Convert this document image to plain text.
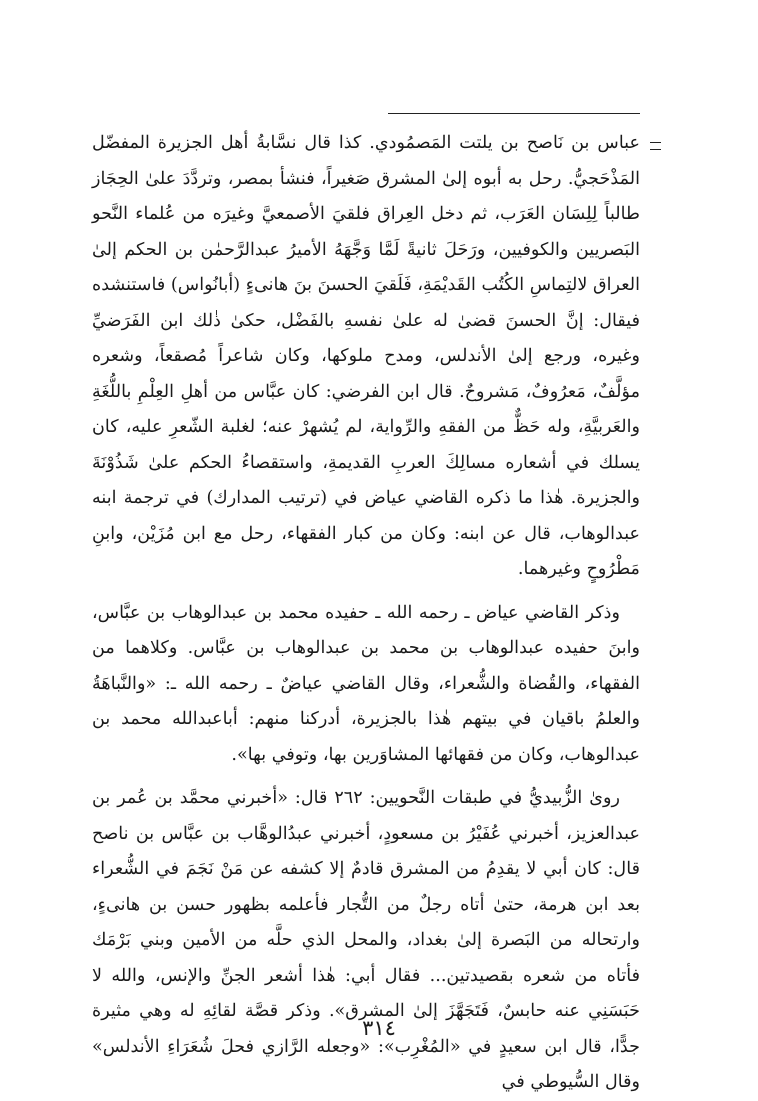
عباس بن نَاصح بن يلتت المَصمُودي. كذا قال نسَّابةُ أهل الجزيرة المفضّل المَذْحَجيُّ. رحل به أبوه إلىٰ المشرق صَغيراً، فنشأ بمصر، وتردَّدَ علىٰ الحِجَاز طالباً لِلِسَان العَرَب، ثم دخل العِراق فلقيَ الأصمعيَّ وغيرَه من عُلماء النَّحو البَصريين والكوفيين، ورَحَلَ ثانيةً لَمَّا وَجَّهَهُ الأميرُ عبدالرَّحمٰن بن الحكم إلىٰ العراق لالتِماسِ الكُتُب القَديْمَةِ، فَلَقيَ الحسنَ بنَ هانىءٍ (أبانُواس) فاستنشده فيقال: إنَّ الحسنَ قضىٰ له علىٰ نفسهِ بالفَضْل، حكىٰ ذٰلك ابن الفَرَضيِّ وغيره، ورجع إلىٰ الأندلس، ومدح ملوكها، وكان شاعراً مُصقعاً، وشعره مؤلَّفٌ، مَعرُوفٌ، مَشروحٌ. قال ابن الفرضي: كان عبَّاس من أهلِ العِلْمِ باللُّغَةِ والعَربيَّةِ، وله حَظٌّ من الفقهِ والرِّواية، لم يُشهرْ عنه؛ لغلبة الشّعرِ عليه، كان يسلك في أشعاره مسالِكَ العربِ القديمةِ، واستقصاءُ الحكم علىٰ شَذُوْنَةَ والجزيرة. هٰذا ما ذكره القاضي عياض في (ترتيب المدارك) في ترجمة ابنه عبدالوهاب، قال عن ابنه: وكان من كبار الفقهاء، رحل مع ابن مُزَيْن، وابنِ مَطْرُوحٍ وغيرهما.

وذكر القاضي عياض ـ رحمه الله ـ حفيده محمد بن عبدالوهاب بن عبَّاس، وابنَ حفيده عبدالوهاب بن محمد بن عبدالوهاب بن عبَّاس. وكلاهما من الفقهاء، والقُضاة والشُّعراء، وقال القاضي عياضٌ ـ رحمه الله ـ: «والنَّباهَةُ والعلمُ باقيان في بيتهم هٰذا بالجزيرة، أدركنا منهم: أباعبدالله محمد بن عبدالوهاب، وكان من فقهائها المشاوَرين بها، وتوفي بها».

روىٰ الزُّبيديُّ في طبقات النَّحويين: ٢٦٢ قال: «أخبرني محمَّد بن عُمر بن عبدالعزيز، أخبرني عُفَيْرُ بن مسعودٍ، أخبرني عبدُالوهَّاب بن عبَّاس بن ناصح قال: كان أبي لا يقدِمُ من المشرق قادمٌ إلا كشفه عن مَنْ نَجَمَ في الشُّعراء بعد ابن هرمة، حتىٰ أتاه رجلٌ من التُّجار فأعلمه بظهور حسن بن هانىءٍ، وارتحاله من البَصرة إلىٰ بغداد، والمحل الذي حلَّه من الأمين وبني بَرْمَك فأتاه من شعره بقصيدتين... فقال أبي: هٰذا أشعر الجنِّ والإنس، والله لا حَبَسَنِي عنه حابسٌ، فَتَجَهَّزَ إلىٰ المشرق». وذكر قصَّة لقائِهِ له وهي مثيرة جدًّا، قال ابن سعيدٍ في «المُغْرِب»: «وجعله الرَّازي فحلَ شُعَرَاءِ الأندلس» وقال السُّيوطي في

٣١٤
